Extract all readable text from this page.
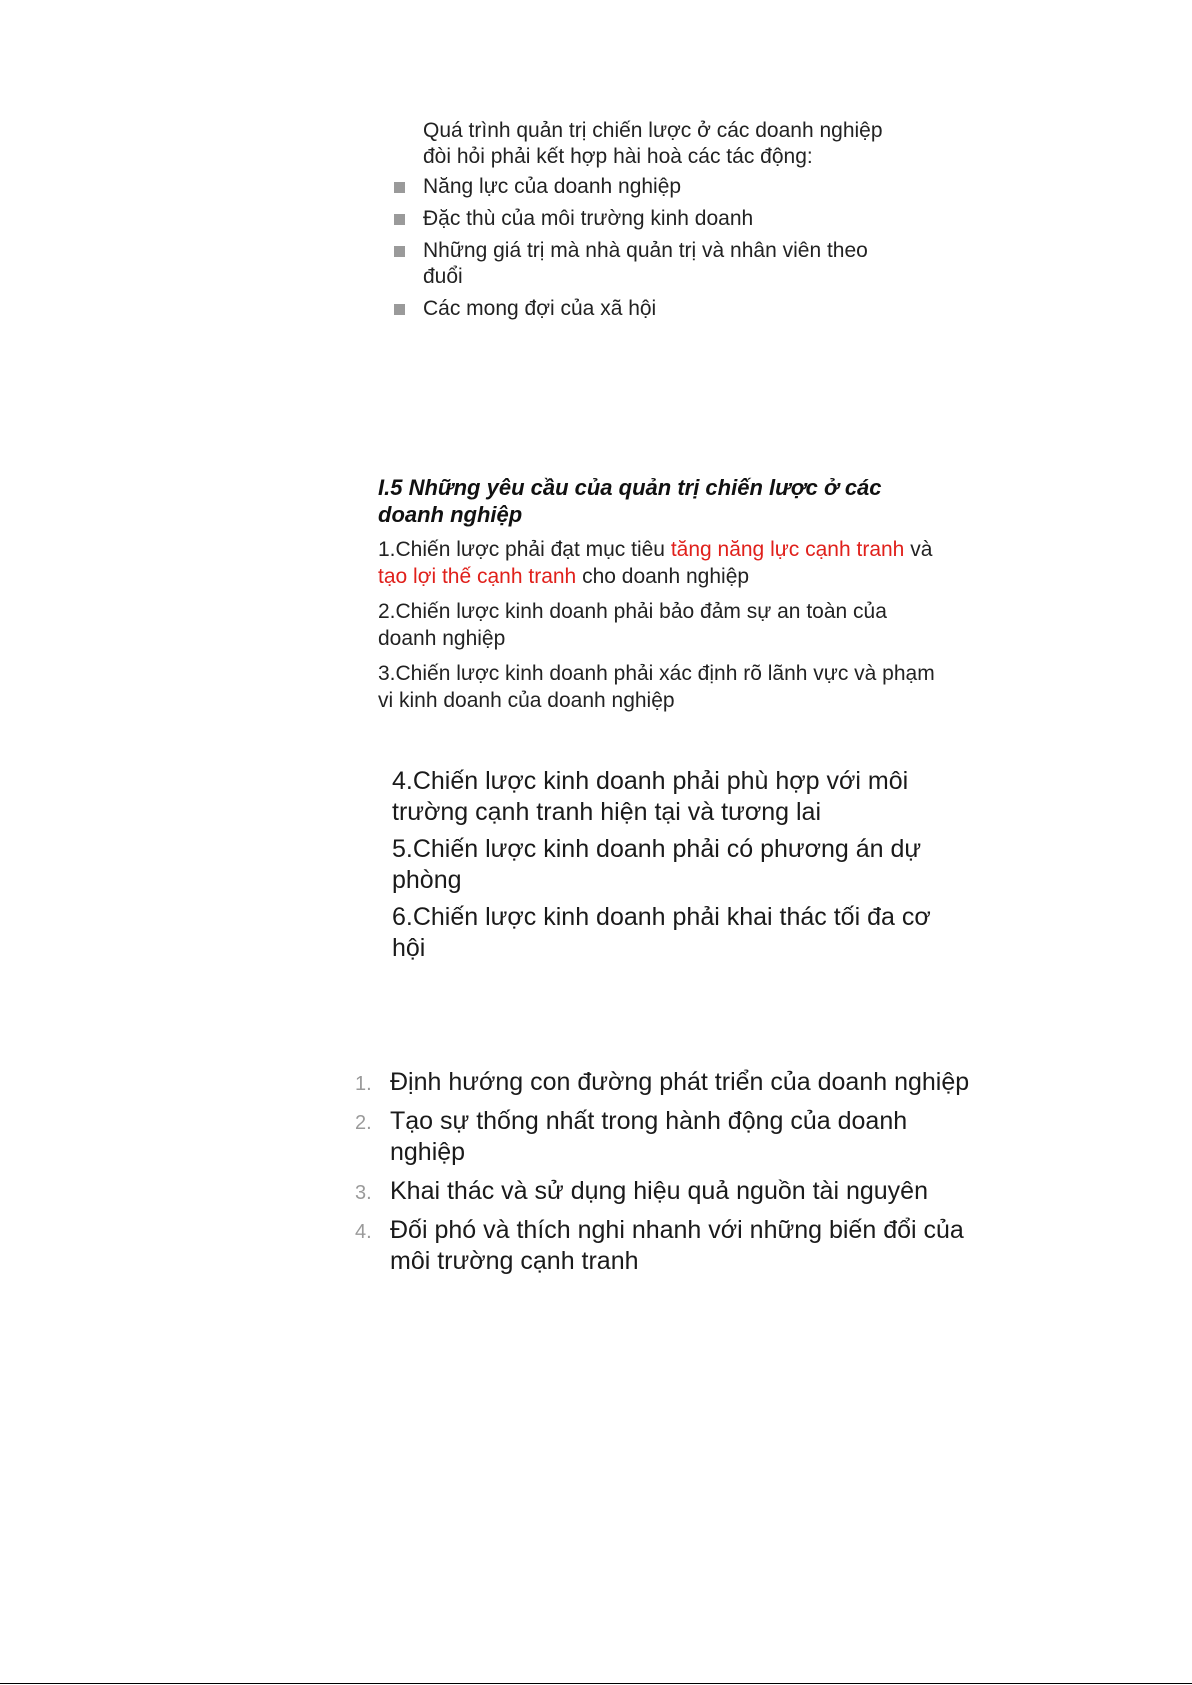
Quá trình quản trị chiến lược ở các doanh nghiệp đòi hỏi phải kết hợp hài hoà các tác động:

Năng lực của doanh nghiệp
Đặc thù của môi trường kinh doanh
Những giá trị mà nhà quản trị và nhân viên theo đuổi
Các mong đợi của xã hội
I.5 Những yêu cầu của quản trị chiến lược ở các doanh nghiệp

1.Chiến lược phải đạt mục tiêu tăng năng lực cạnh tranh và tạo lợi thế cạnh tranh cho doanh nghiệp

2.Chiến lược kinh doanh phải bảo đảm sự an toàn của doanh nghiệp

3.Chiến lược kinh doanh phải xác định rõ lãnh vực và phạm vi kinh doanh của doanh nghiệp

4.Chiến lược kinh doanh phải phù hợp với môi trường cạnh tranh hiện tại và tương lai

5.Chiến lược kinh doanh phải có phương án dự phòng

6.Chiến lược kinh doanh phải khai thác tối đa cơ hội

1. Định hướng con đường phát triển của doanh nghiệp
2. Tạo sự thống nhất trong hành động của doanh nghiệp
3. Khai thác và sử dụng hiệu quả nguồn tài nguyên
4. Đối phó và thích nghi nhanh với những biến đổi của môi trường cạnh tranh
